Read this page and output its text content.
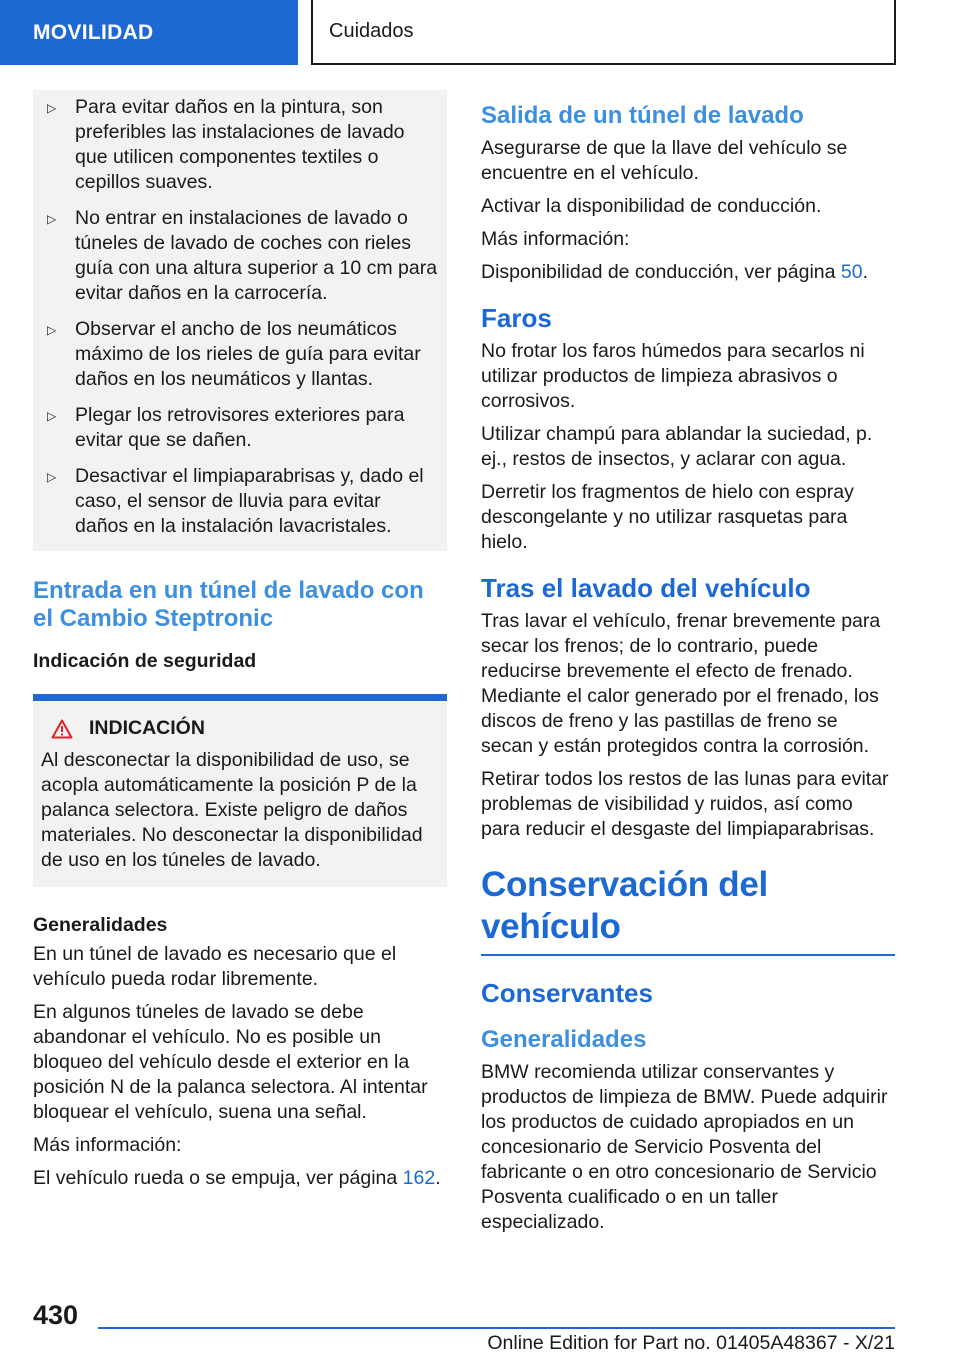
MOVILIDAD	Cuidados
▷ Para evitar daños en la pintura, son preferibles las instalaciones de lavado que utilicen componentes textiles o cepillos suaves.
▷ No entrar en instalaciones de lavado o túneles de lavado de coches con rieles guía con una altura superior a 10 cm para evitar daños en la carrocería.
▷ Observar el ancho de los neumáticos máximo de los rieles de guía para evitar daños en los neumáticos y llantas.
▷ Plegar los retrovisores exteriores para evitar que se dañen.
▷ Desactivar el limpiaparabrisas y, dado el caso, el sensor de lluvia para evitar daños en la instalación lavacristales.
Entrada en un túnel de lavado con el Cambio Steptronic
Indicación de seguridad
INDICACIÓN

Al desconectar la disponibilidad de uso, se acopla automáticamente la posición P de la palanca selectora. Existe peligro de daños materiales. No desconectar la disponibilidad de uso en los túneles de lavado.

Generalidades

En un túnel de lavado es necesario que el vehículo pueda rodar libremente.

En algunos túneles de lavado se debe abandonar el vehículo. No es posible un bloqueo del vehículo desde el exterior en la posición N de la palanca selectora. Al intentar bloquear el vehículo, suena una señal.

Más información:

El vehículo rueda o se empuja, ver página 162.

Salida de un túnel de lavado

Asegurarse de que la llave del vehículo se encuentre en el vehículo.

Activar la disponibilidad de conducción.

Más información:

Disponibilidad de conducción, ver página 50.

Faros

No frotar los faros húmedos para secarlos ni utilizar productos de limpieza abrasivos o corrosivos.

Utilizar champú para ablandar la suciedad, p. ej., restos de insectos, y aclarar con agua.

Derretir los fragmentos de hielo con espray descongelante y no utilizar rasquetas para hielo.

Tras el lavado del vehículo

Tras lavar el vehículo, frenar brevemente para secar los frenos; de lo contrario, puede reducirse brevemente el efecto de frenado. Mediante el calor generado por el frenado, los discos de freno y las pastillas de freno se secan y están protegidos contra la corrosión.

Retirar todos los restos de las lunas para evitar problemas de visibilidad y ruidos, así como para reducir el desgaste del limpiaparabrisas.

Conservación del vehículo
Conservantes
Generalidades

BMW recomienda utilizar conservantes y productos de limpieza de BMW. Puede adquirir los productos de cuidado apropiados en un concesionario de Servicio Posventa del fabricante o en otro concesionario de Servicio Posventa cualificado o en un taller especializado.

430
Online Edition for Part no. 01405A48367 - X/21
